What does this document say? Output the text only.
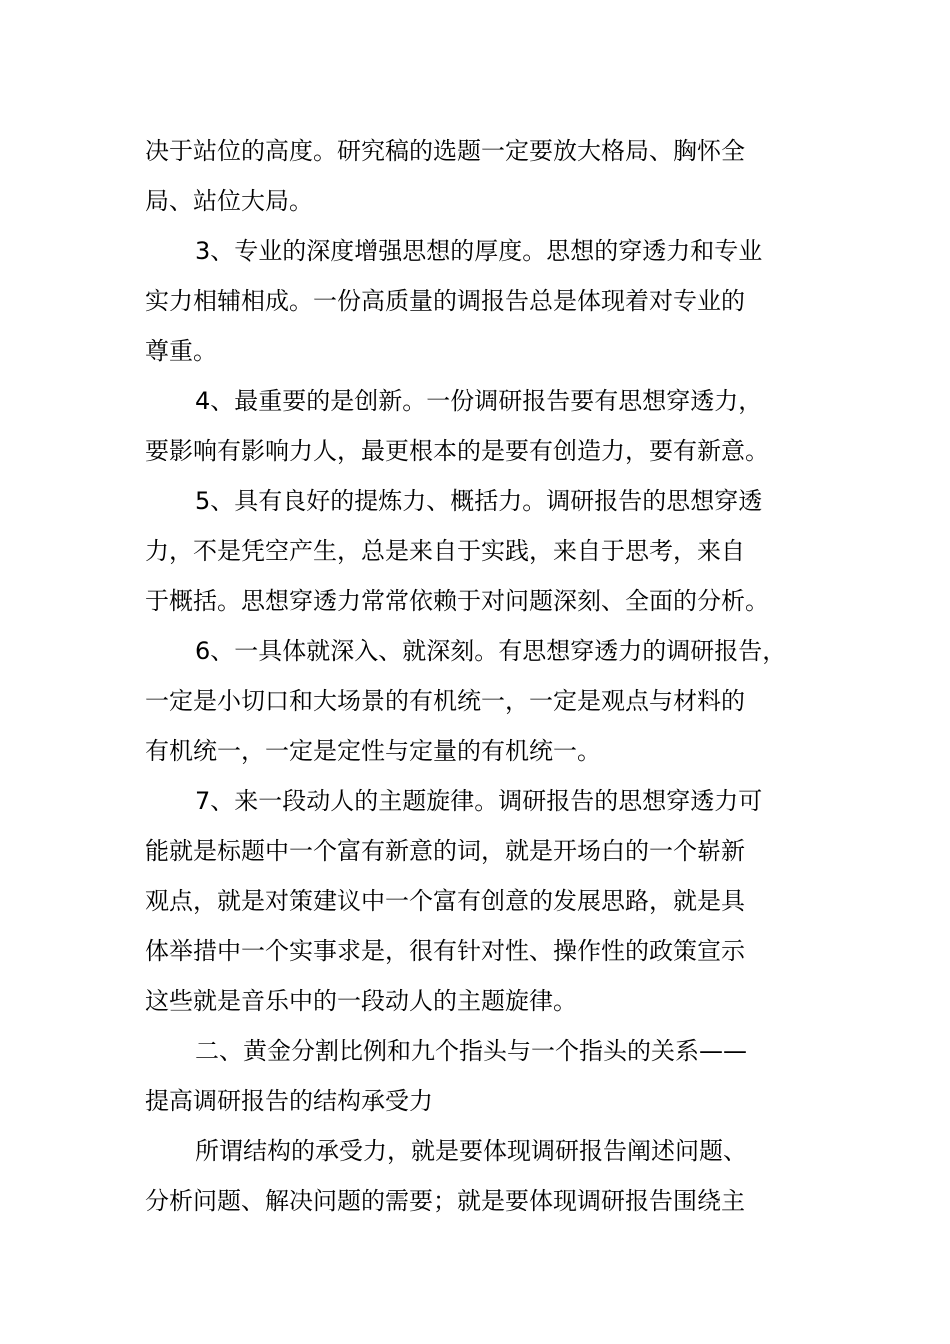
决于站位的高度。研究稿的选题一定要放大格局、胸怀全
局、站位大局。
3、专业的深度增强思想的厚度。思想的穿透力和专业
实力相辅相成。一份高质量的调报告总是体现着对专业的
尊重。
4、最重要的是创新。一份调研报告要有思想穿透力，
要影响有影响力人，最更根本的是要有创造力，要有新意。
5、具有良好的提炼力、概括力。调研报告的思想穿透
力，不是凭空产生，总是来自于实践，来自于思考，来自
于概括。思想穿透力常常依赖于对问题深刻、全面的分析。
6、一具体就深入、就深刻。有思想穿透力的调研报告，
一定是小切口和大场景的有机统一，一定是观点与材料的
有机统一，一定是定性与定量的有机统一。
7、来一段动人的主题旋律。调研报告的思想穿透力可
能就是标题中一个富有新意的词，就是开场白的一个崭新
观点，就是对策建议中一个富有创意的发展思路，就是具
体举措中一个实事求是，很有针对性、操作性的政策宣示
这些就是音乐中的一段动人的主题旋律。
二、黄金分割比例和九个指头与一个指头的关系——
提高调研报告的结构承受力
所谓结构的承受力，就是要体现调研报告阐述问题、
分析问题、解决问题的需要；就是要体现调研报告围绕主
